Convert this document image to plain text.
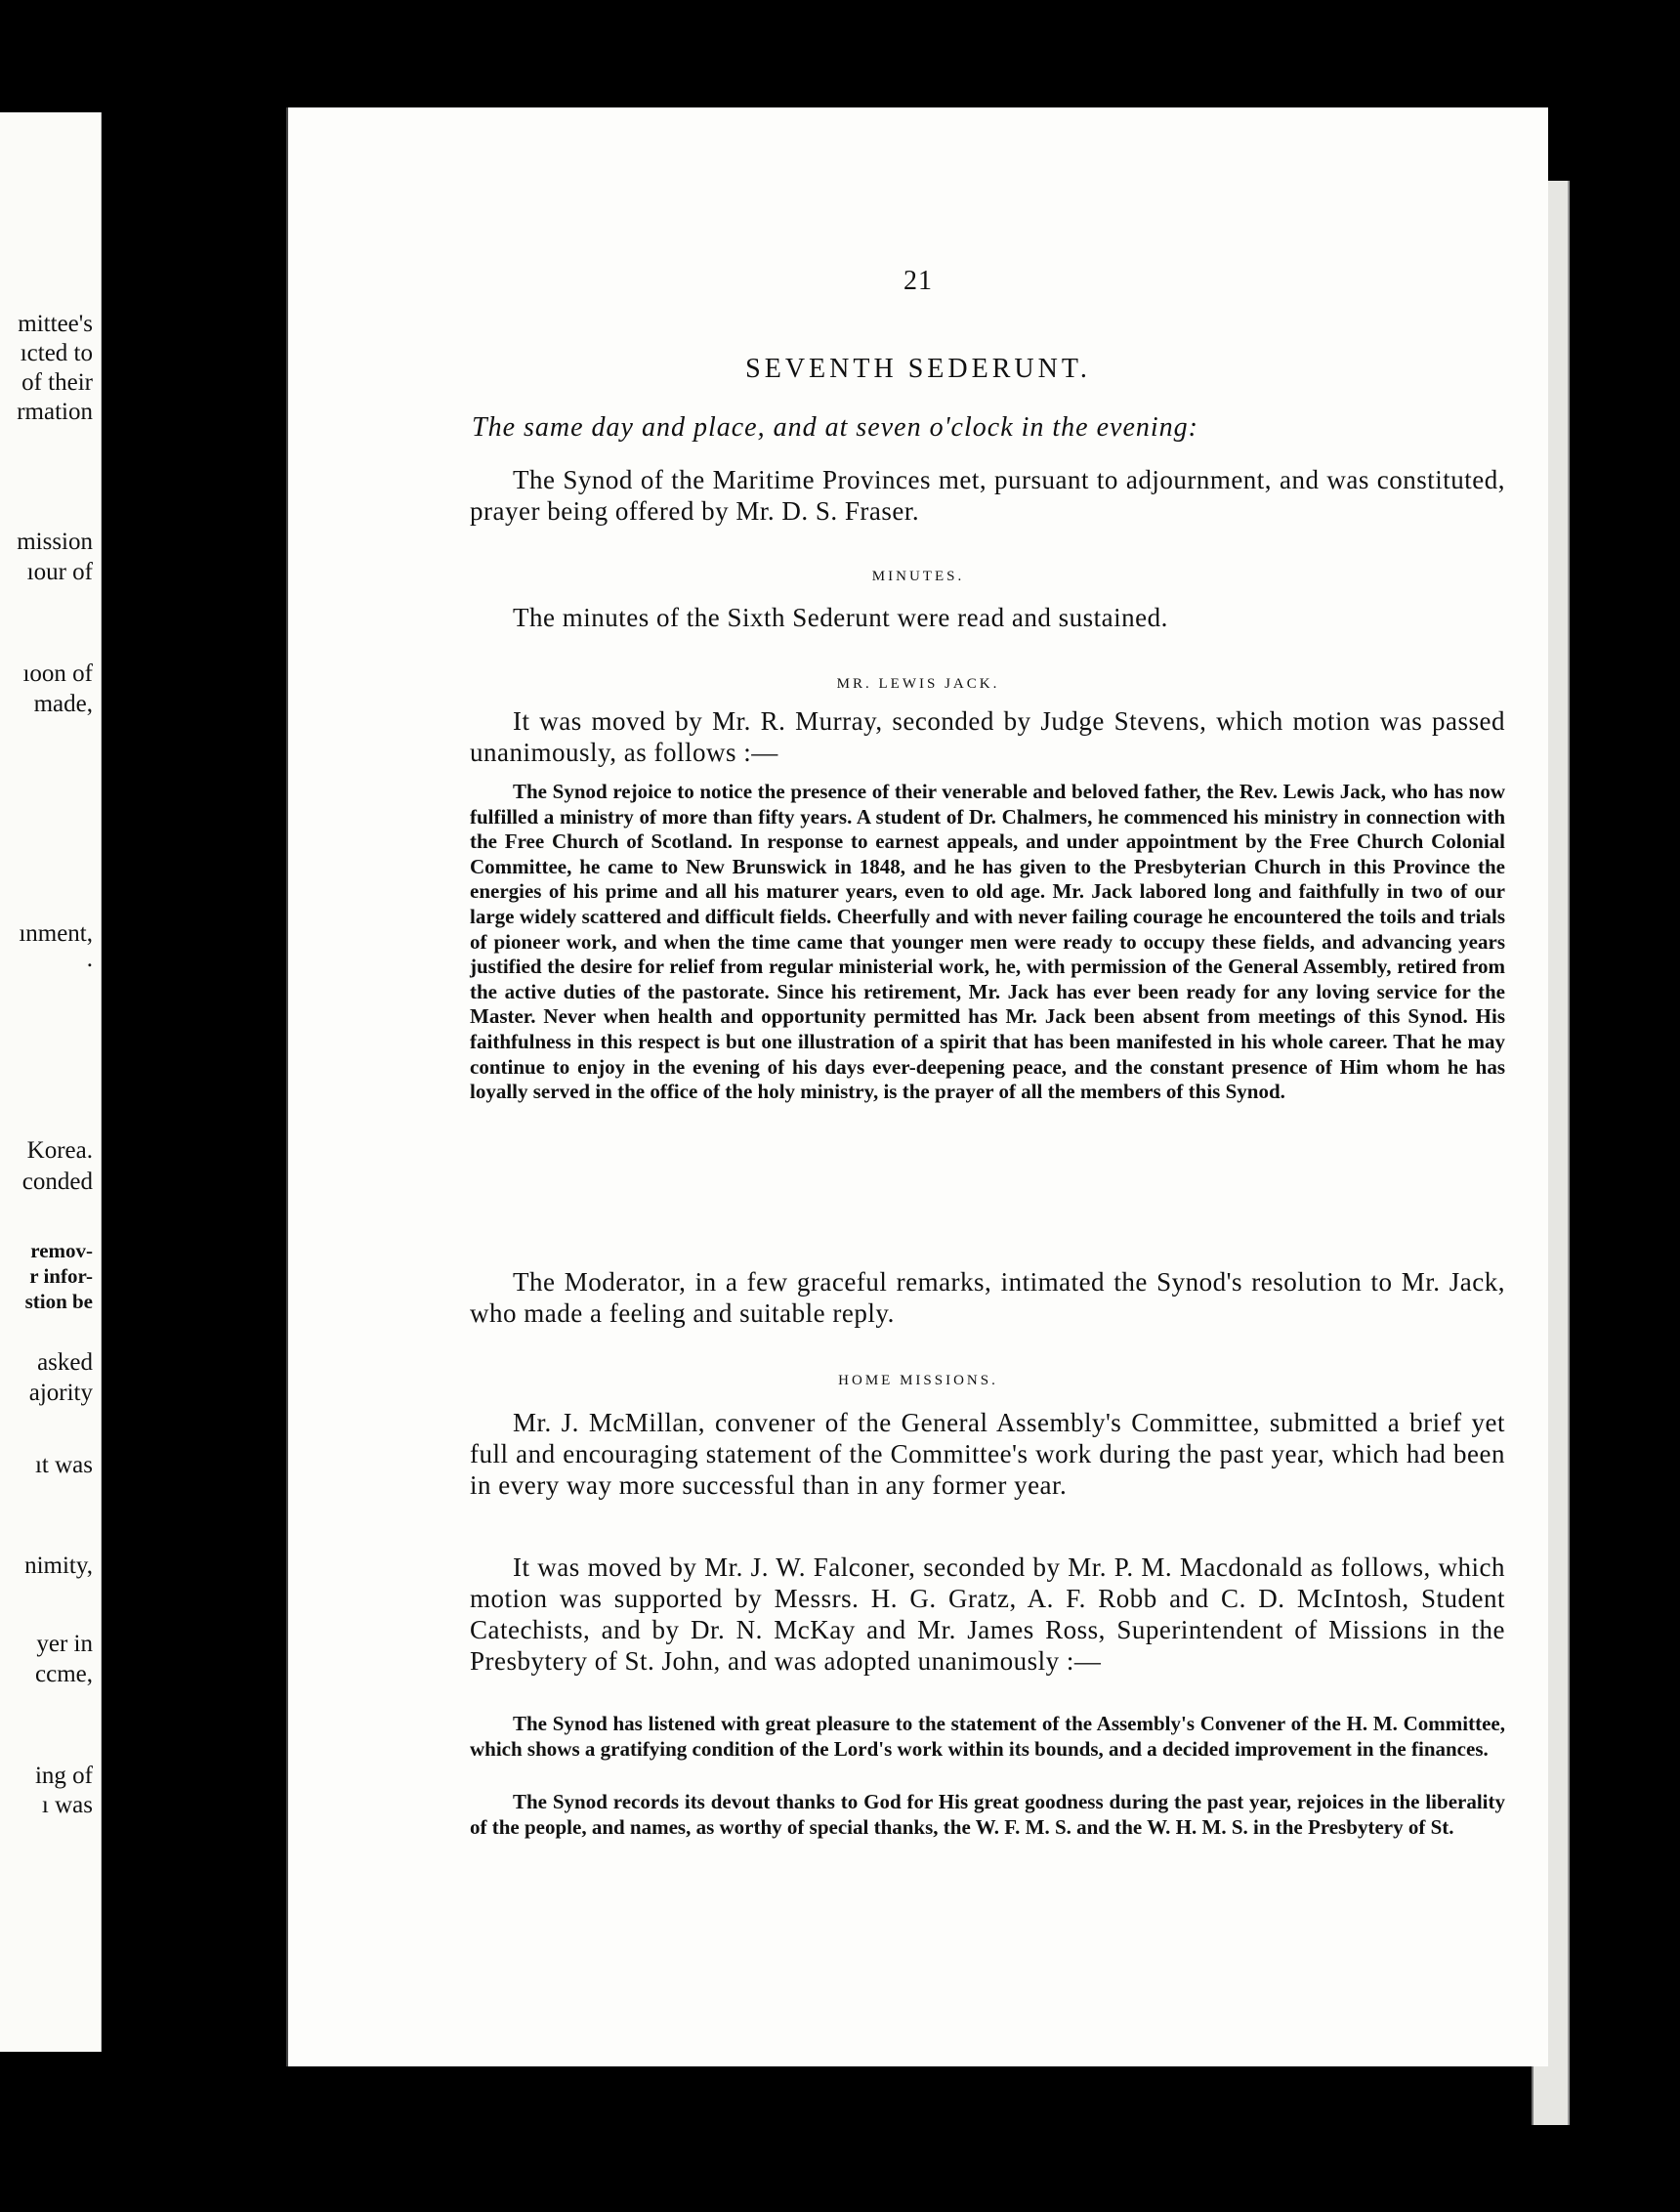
mittee's
ıcted to
of their
rmation
mission
ıour of
ıoon of
made,
ınment,
.
Korea.
conded
remov-
r infor-
stion be
asked
ajority
ıt was
nimity,
yer in
ccme,
ing of
ı was
21
SEVENTH SEDERUNT.
The same day and place, and at seven o'clock in the evening:
The Synod of the Maritime Provinces met, pursuant to adjournment, and was constituted, prayer being offered by Mr. D. S. Fraser.
MINUTES.
The minutes of the Sixth Sederunt were read and sustained.
MR. LEWIS JACK.
It was moved by Mr. R. Murray, seconded by Judge Stevens, which motion was passed unanimously, as follows :—
The Synod rejoice to notice the presence of their venerable and beloved father, the Rev. Lewis Jack, who has now fulfilled a ministry of more than fifty years. A student of Dr. Chalmers, he commenced his ministry in connection with the Free Church of Scotland. In response to earnest appeals, and under appointment by the Free Church Colonial Committee, he came to New Brunswick in 1848, and he has given to the Presbyterian Church in this Province the energies of his prime and all his maturer years, even to old age. Mr. Jack labored long and faithfully in two of our large widely scattered and difficult fields. Cheerfully and with never failing courage he encountered the toils and trials of pioneer work, and when the time came that younger men were ready to occupy these fields, and advancing years justified the desire for relief from regular ministerial work, he, with permission of the General Assembly, retired from the active duties of the pastorate. Since his retirement, Mr. Jack has ever been ready for any loving service for the Master. Never when health and opportunity permitted has Mr. Jack been absent from meetings of this Synod. His faithfulness in this respect is but one illustration of a spirit that has been manifested in his whole career. That he may continue to enjoy in the evening of his days ever-deepening peace, and the constant presence of Him whom he has loyally served in the office of the holy ministry, is the prayer of all the members of this Synod.
The Moderator, in a few graceful remarks, intimated the Synod's resolution to Mr. Jack, who made a feeling and suitable reply.
HOME MISSIONS.
Mr. J. McMillan, convener of the General Assembly's Committee, submitted a brief yet full and encouraging statement of the Committee's work during the past year, which had been in every way more successful than in any former year.
It was moved by Mr. J. W. Falconer, seconded by Mr. P. M. Macdonald as follows, which motion was supported by Messrs. H. G. Gratz, A. F. Robb and C. D. McIntosh, Student Catechists, and by Dr. N. McKay and Mr. James Ross, Superintendent of Missions in the Presbytery of St. John, and was adopted unanimously :—
The Synod has listened with great pleasure to the statement of the Assembly's Convener of the H. M. Committee, which shows a gratifying condition of the Lord's work within its bounds, and a decided improvement in the finances.
The Synod records its devout thanks to God for His great goodness during the past year, rejoices in the liberality of the people, and names, as worthy of special thanks, the W. F. M. S. and the W. H. M. S. in the Presbytery of St.
